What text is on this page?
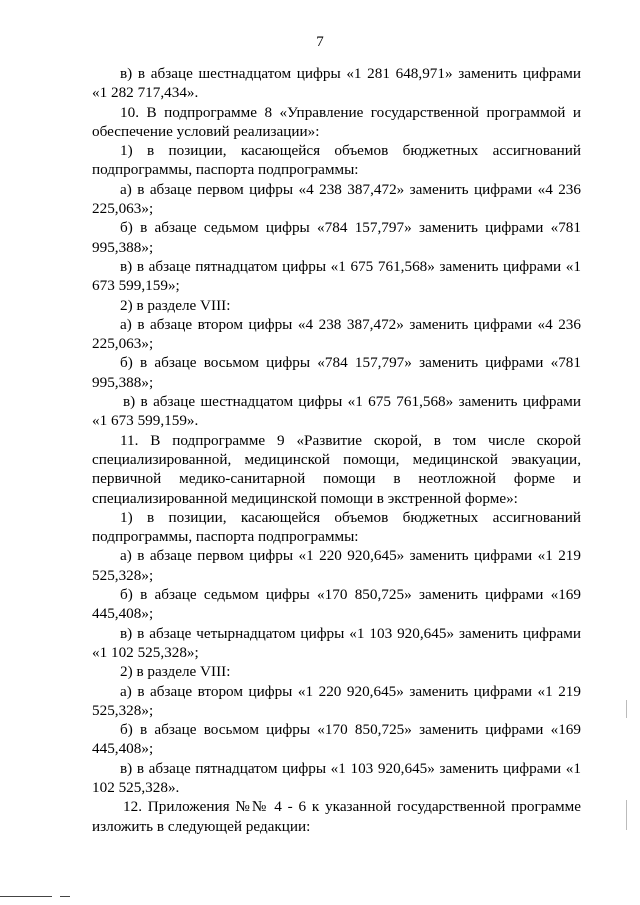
7

в) в абзаце шестнадцатом цифры «1 281 648,971» заменить цифрами «1 282 717,434».

10. В подпрограмме 8 «Управление государственной программой и обеспечение условий реализации»:

1) в позиции, касающейся объемов бюджетных ассигнований подпрограммы, паспорта подпрограммы:

а) в абзаце первом цифры «4 238 387,472» заменить цифрами «4 236 225,063»;

б) в абзаце седьмом цифры «784 157,797» заменить цифрами «781 995,388»;

в) в абзаце пятнадцатом цифры «1 675 761,568» заменить цифрами «1 673 599,159»;

2) в разделе VIII:

а) в абзаце втором цифры «4 238 387,472» заменить цифрами «4 236 225,063»;

б) в абзаце восьмом цифры «784 157,797» заменить цифрами «781 995,388»;

в) в абзаце шестнадцатом цифры «1 675 761,568» заменить цифрами «1 673 599,159».

11. В подпрограмме 9 «Развитие скорой, в том числе скорой специализированной, медицинской помощи, медицинской эвакуации, первичной медико-санитарной помощи в неотложной форме и специализированной медицинской помощи в экстренной форме»:

1) в позиции, касающейся объемов бюджетных ассигнований подпрограммы, паспорта подпрограммы:

а) в абзаце первом цифры «1 220 920,645» заменить цифрами «1 219 525,328»;

б) в абзаце седьмом цифры «170 850,725» заменить цифрами «169 445,408»;

в) в абзаце четырнадцатом цифры «1 103 920,645» заменить цифрами «1 102 525,328»;

2) в разделе VIII:

а) в абзаце втором цифры «1 220 920,645» заменить цифрами «1 219 525,328»;

б) в абзаце восьмом цифры «170 850,725» заменить цифрами «169 445,408»;

в) в абзаце пятнадцатом цифры «1 103 920,645» заменить цифрами «1 102 525,328».

12. Приложения №№ 4 - 6 к указанной государственной программе изложить в следующей редакции:
